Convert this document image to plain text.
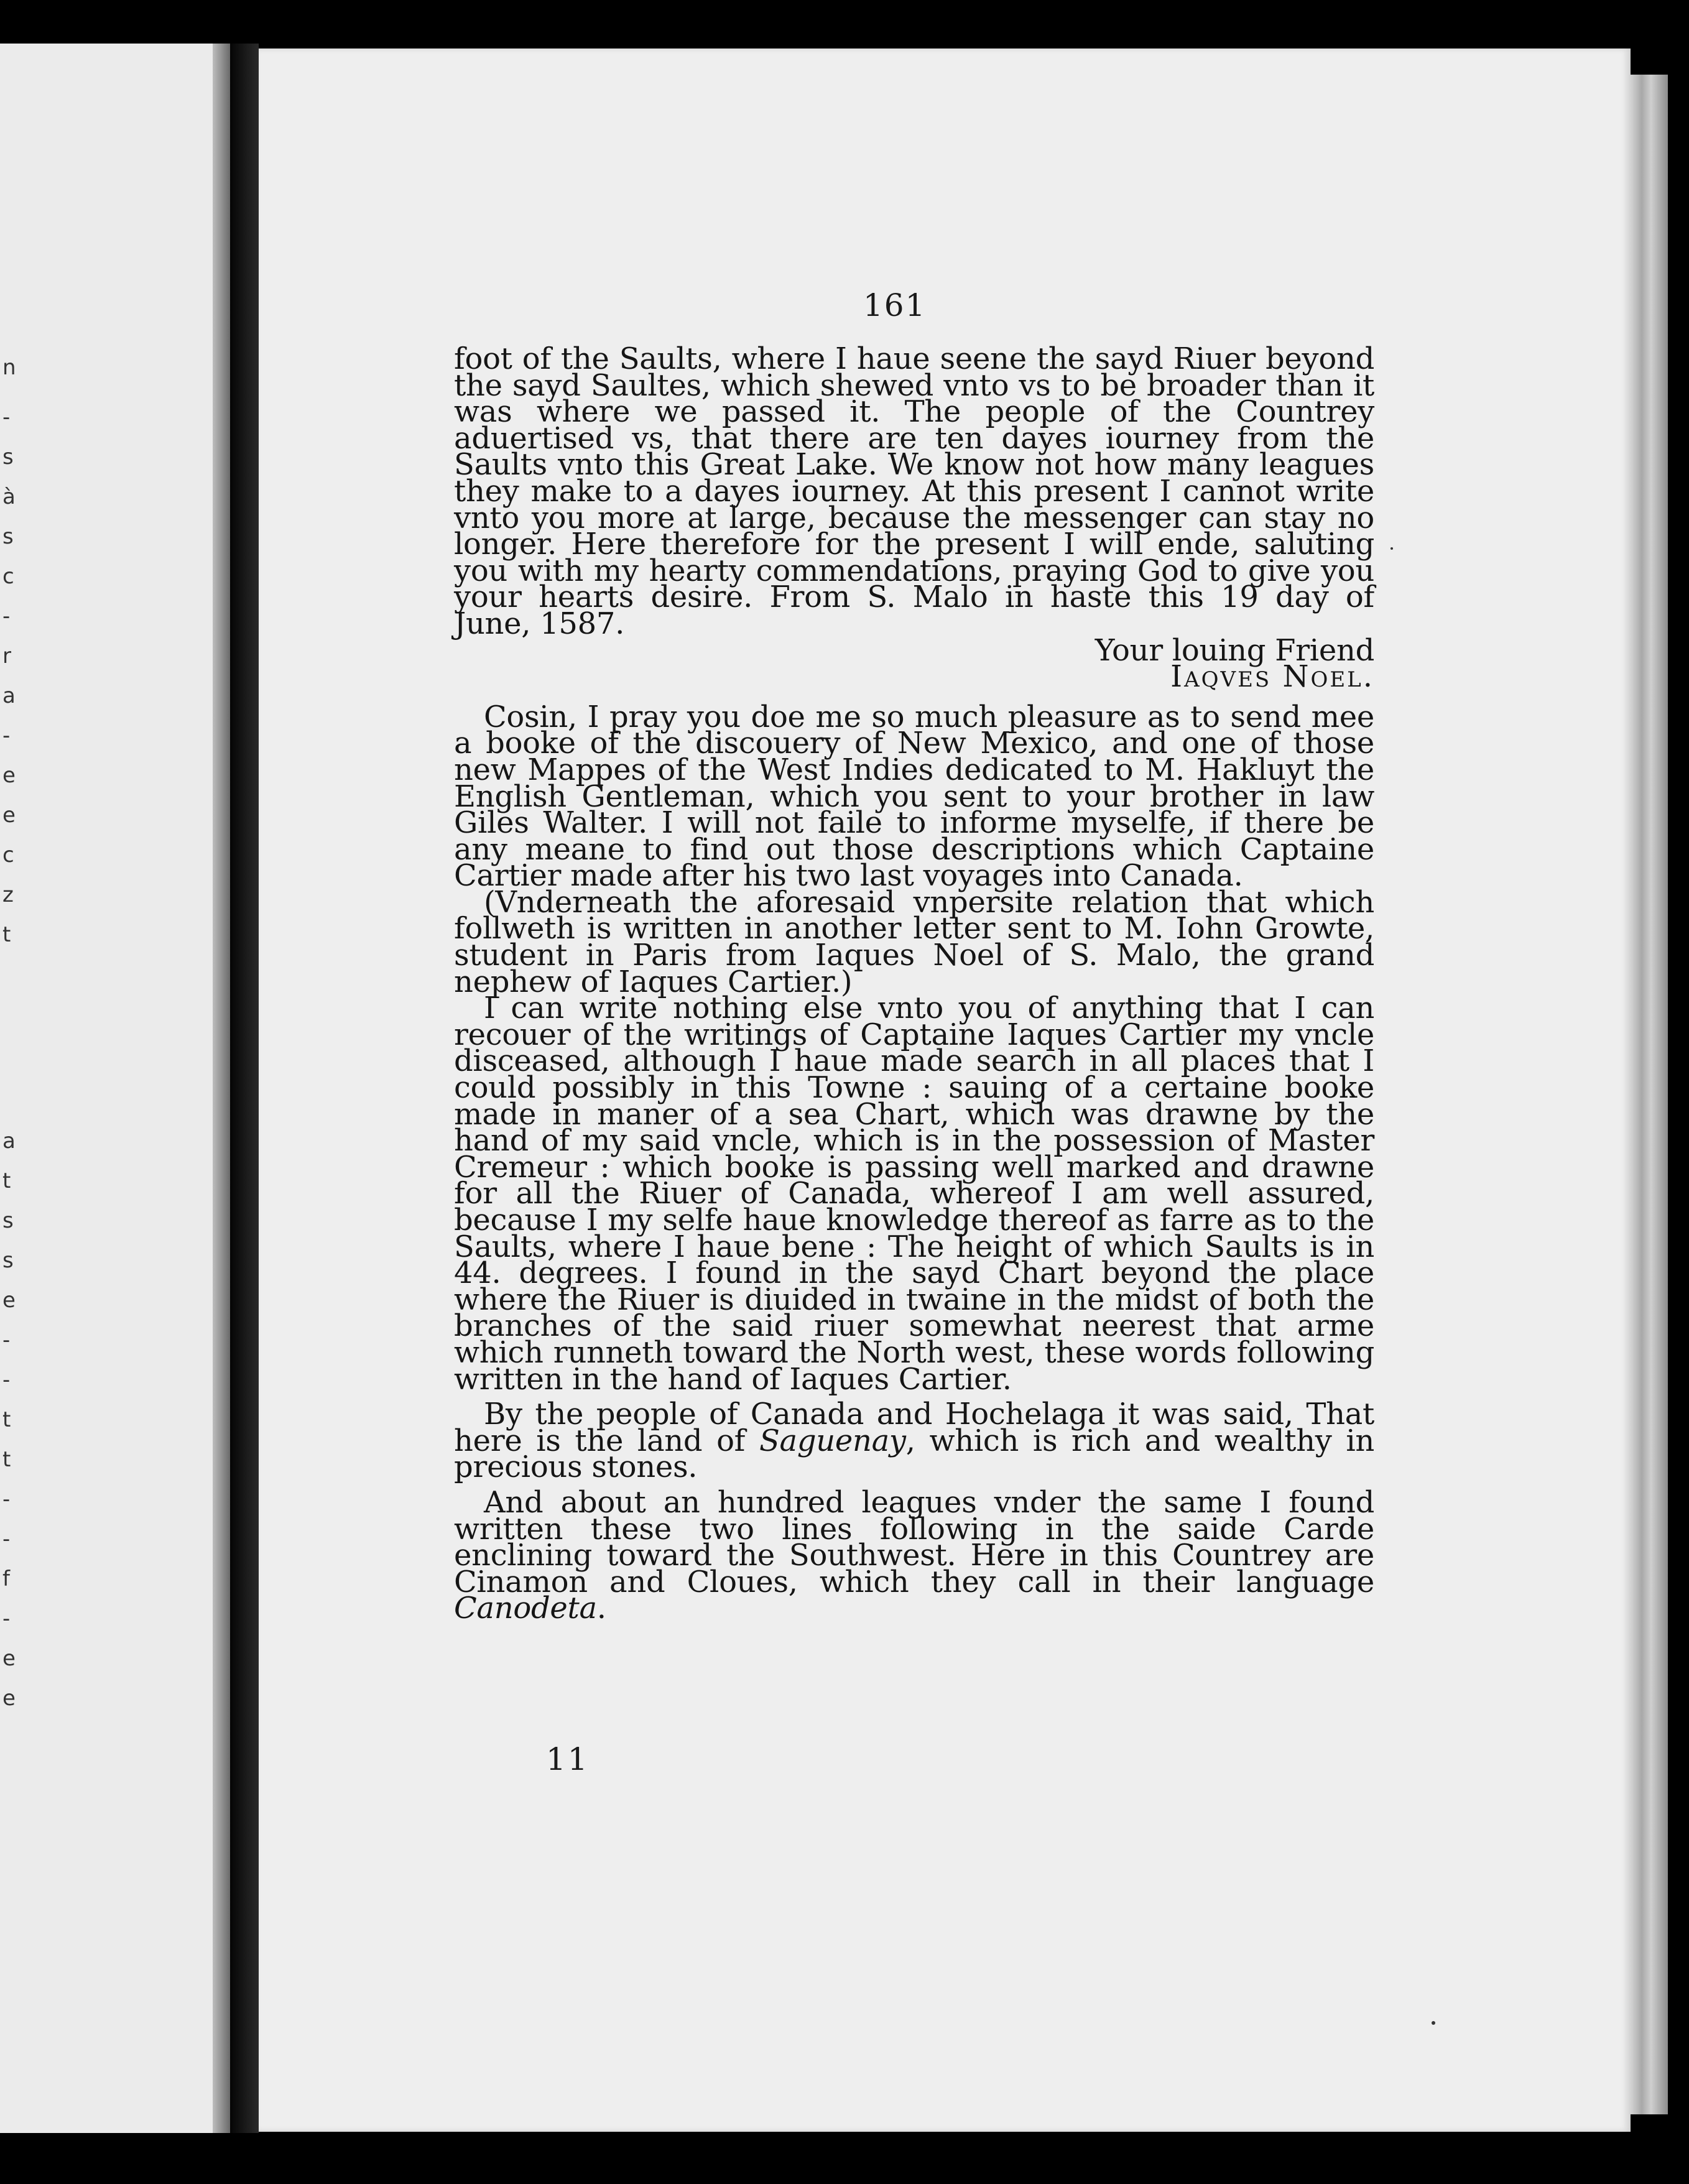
n
-
s
à
s
c
-
r
a
-
e
e
c
z
t
a
t
s
s
e
-
-
t
t
-
-
f
-
e
e
161

foot of the Saults, where I haue seene the sayd Riuer beyond the sayd Saultes, which shewed vnto vs to be broader than it was where we passed it. The people of the Countrey aduertised vs, that there are ten dayes iourney from the Saults vnto this Great Lake. We know not how many leagues they make to a dayes iourney. At this present I cannot write vnto you more at large, because the messenger can stay no longer. Here therefore for the present I will ende, saluting you with my hearty commendations, praying God to give you your hearts desire. From S. Malo in haste this 19 day of June, 1587.

Your louing Friend

Iaqves Noel.

Cosin, I pray you doe me so much pleasure as to send mee a booke of the discouery of New Mexico, and one of those new Mappes of the West Indies dedicated to M. Hakluyt the English Gentleman, which you sent to your brother in law Giles Walter. I will not faile to informe myselfe, if there be any meane to find out those descriptions which Captaine Cartier made after his two last voyages into Canada.

(Vnderneath the aforesaid vnpersite relation that which follweth is written in another letter sent to M. Iohn Growte, student in Paris from Iaques Noel of S. Malo, the grand nephew of Iaques Cartier.)

I can write nothing else vnto you of anything that I can recouer of the writings of Captaine Iaques Cartier my vncle disceased, although I haue made search in all places that I could possibly in this Towne : sauing of a certaine booke made in maner of a sea Chart, which was drawne by the hand of my said vncle, which is in the possession of Master Cremeur : which booke is passing well marked and drawne for all the Riuer of Canada, whereof I am well assured, because I my selfe haue knowledge thereof as farre as to the Saults, where I haue bene : The height of which Saults is in 44. degrees. I found in the sayd Chart beyond the place where the Riuer is diuided in twaine in the midst of both the branches of the said riuer somewhat neerest that arme which runneth toward the North west, these words following written in the hand of Iaques Cartier.

By the people of Canada and Hochelaga it was said, That here is the land of Saguenay, which is rich and wealthy in precious stones.

And about an hundred leagues vnder the same I found written these two lines following in the saide Carde enclining toward the Southwest. Here in this Countrey are Cinamon and Cloues, which they call in their language Canodeta.

11
